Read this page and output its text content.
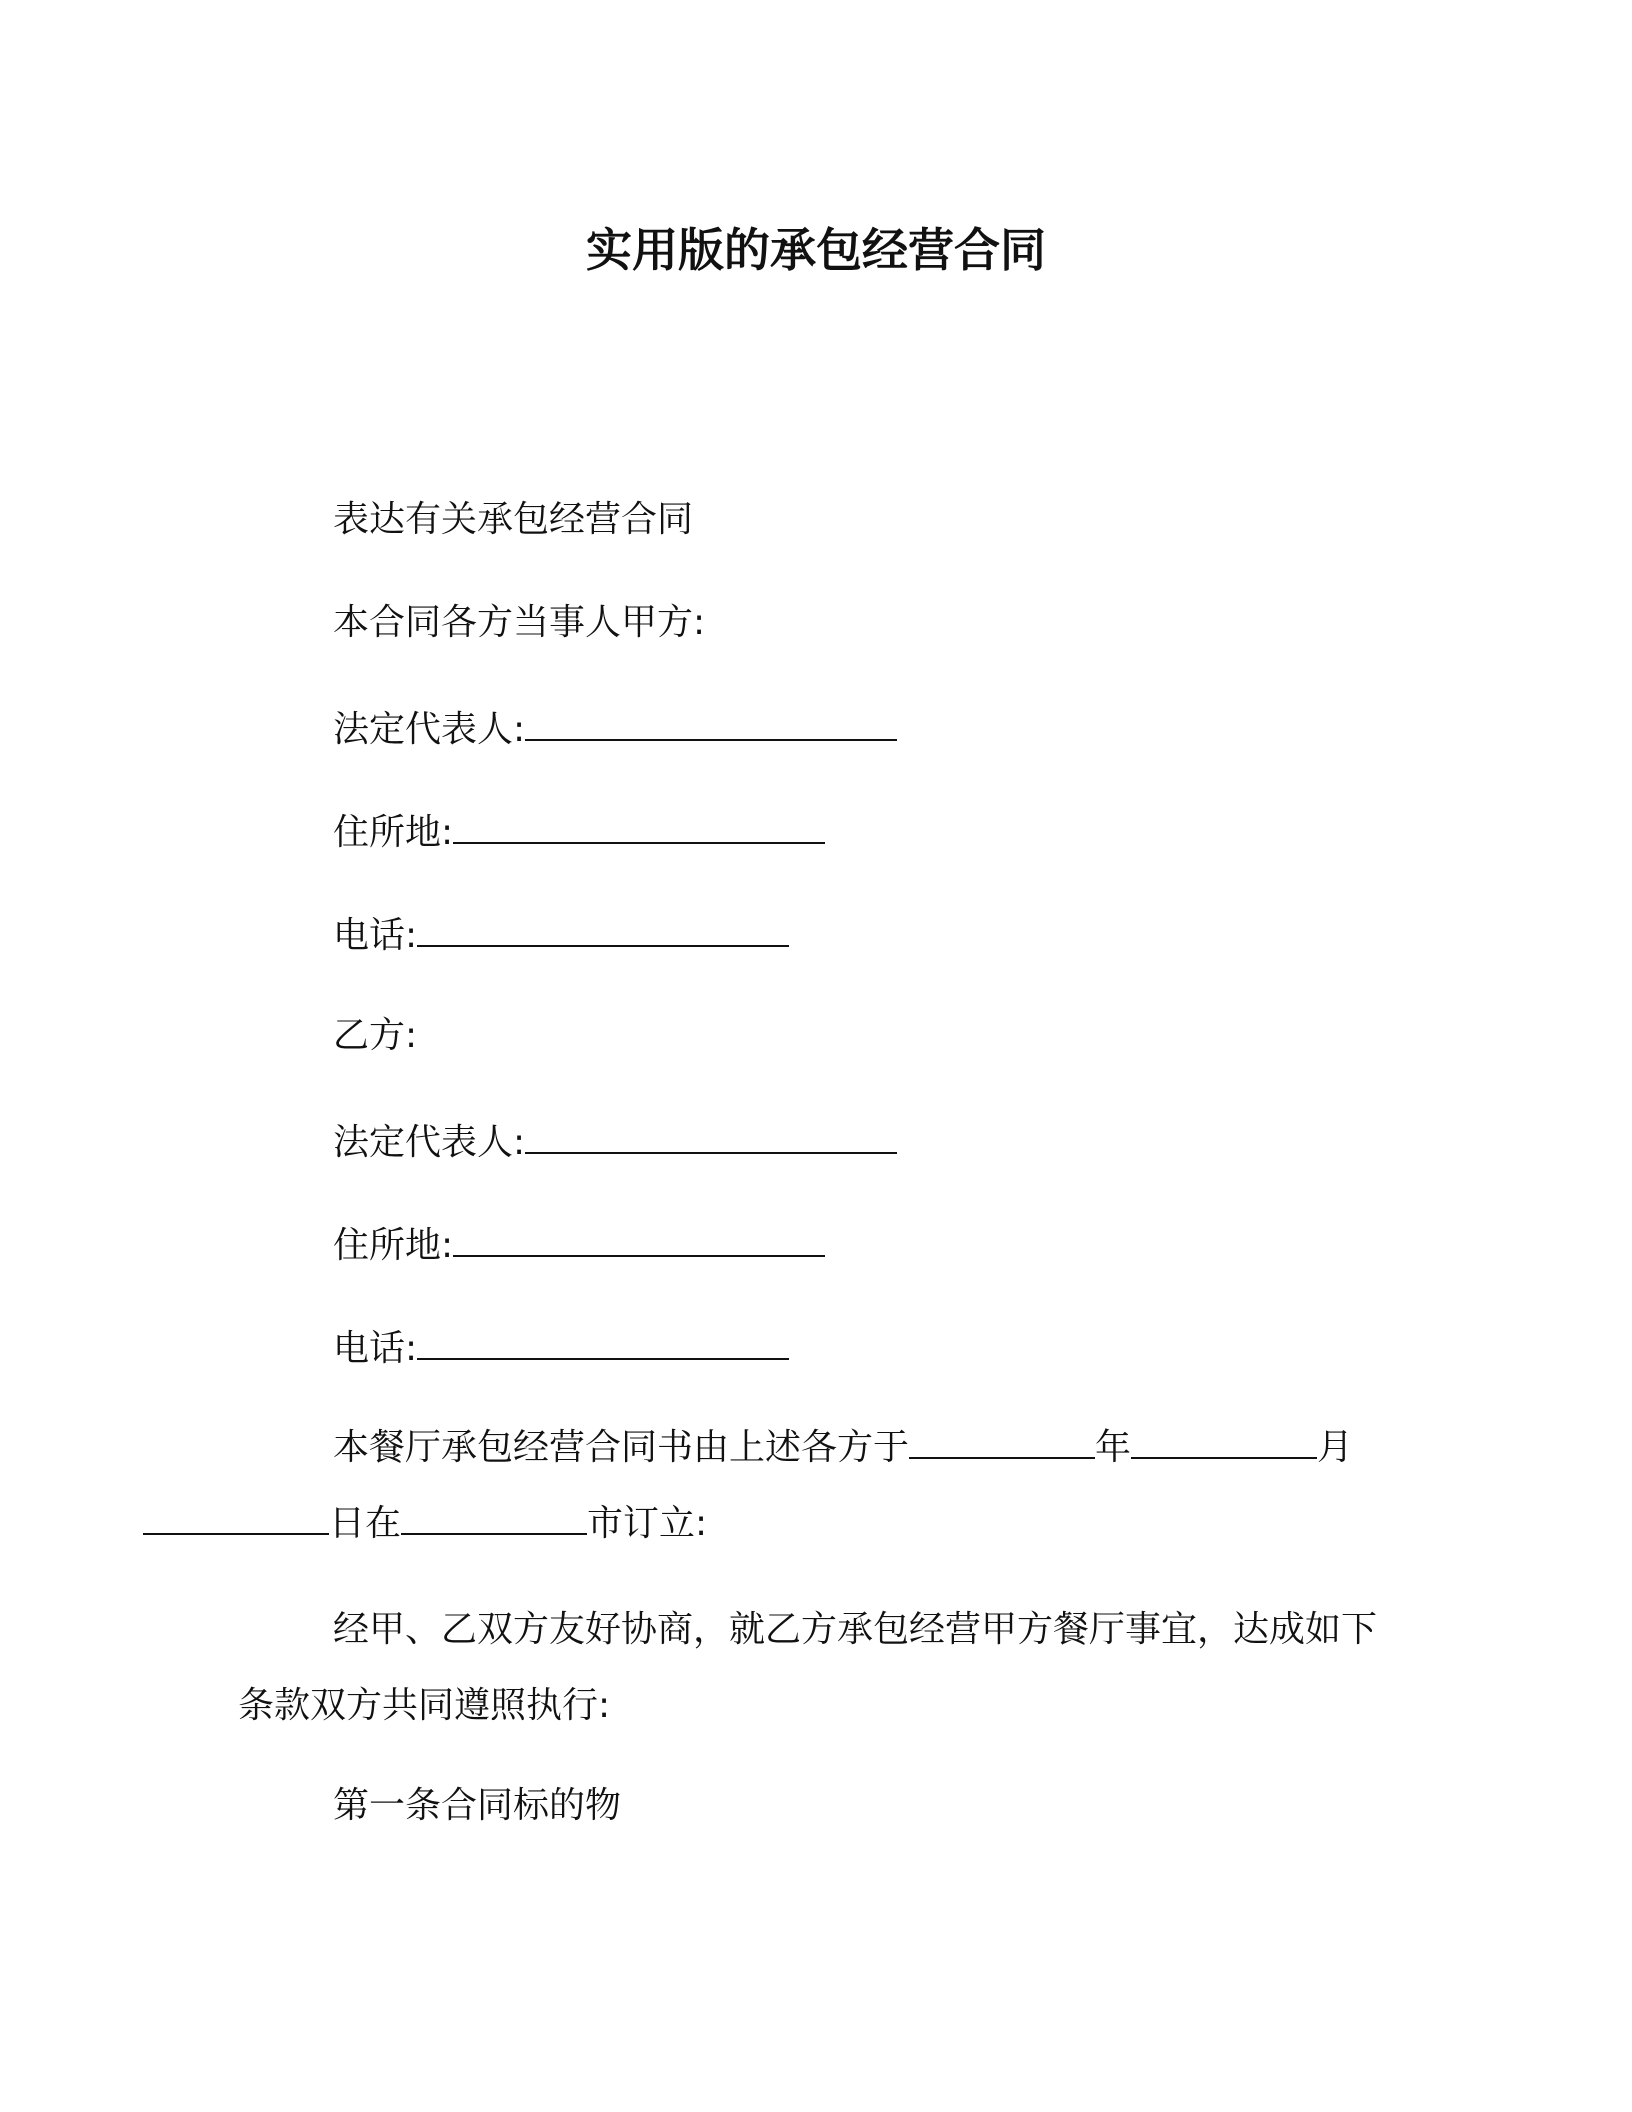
实用版的承包经营合同
表达有关承包经营合同
本合同各方当事人甲方:
法定代表人:
住所地:
电话:
乙方:
法定代表人:
住所地:
电话:
本餐厅承包经营合同书由上述各方于	年	月日在	市订立:
经甲、乙双方友好协商，就乙方承包经营甲方餐厅事宜，达成如下条款双方共同遵照执行:
第一条合同标的物
